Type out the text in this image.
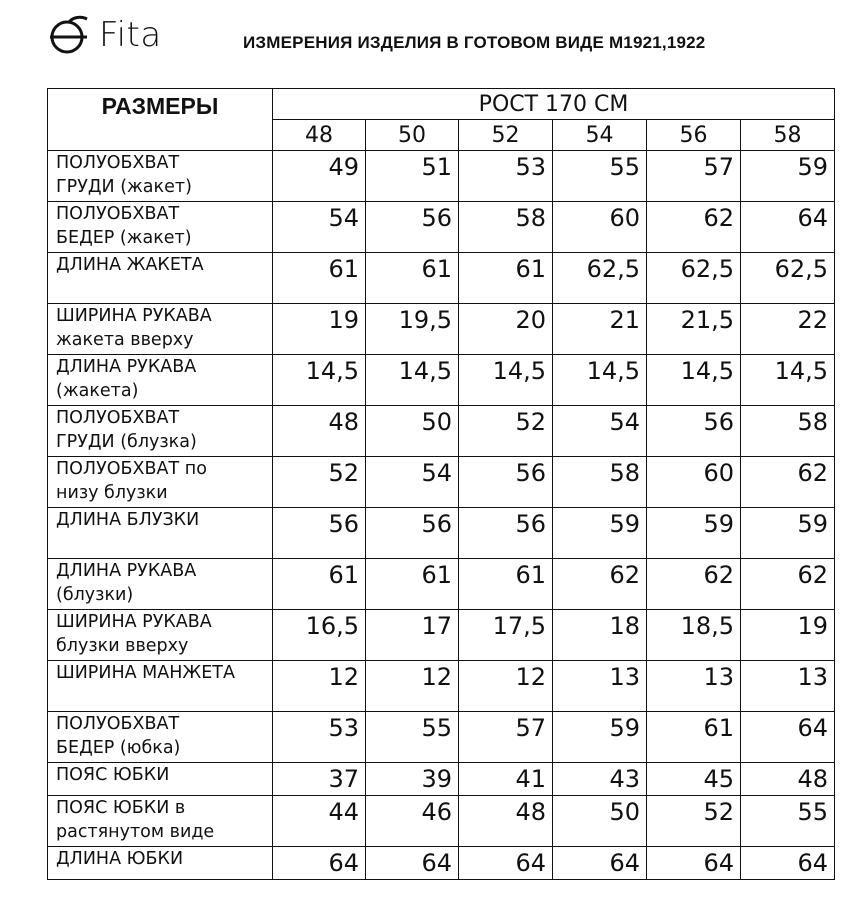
Fita	ИЗМЕРЕНИЯ ИЗДЕЛИЯ В ГОТОВОМ ВИДЕ М1921,1922
РАЗМЕРЫ	РОСТ 170 СМ					
	48	50	52	54	56	58

ПОЛУОБХВАТ
ГРУДИ (жакет)	49	51	53	55	57	59

ПОЛУОБХВАТ
БЕДЕР (жакет)	54	56	58	60	62	64

ДЛИНА ЖАКЕТА	61	61	61	62,5	62,5	62,5

ШИРИНА РУКАВА
жакета вверху	19	19,5	20	21	21,5	22

ДЛИНА РУКАВА
(жакета)	14,5	14,5	14,5	14,5	14,5	14,5

ПОЛУОБХВАТ
ГРУДИ (блузка)	48	50	52	54	56	58

ПОЛУОБХВАТ по
низу блузки	52	54	56	58	60	62

ДЛИНА БЛУЗКИ	56	56	56	59	59	59

ДЛИНА РУКАВА
(блузки)	61	61	61	62	62	62

ШИРИНА РУКАВА
блузки вверху	16,5	17	17,5	18	18,5	19

ШИРИНА МАНЖЕТА	12	12	12	13	13	13

ПОЛУОБХВАТ
БЕДЕР (юбка)	53	55	57	59	61	64

ПОЯС ЮБКИ	37	39	41	43	45	48

ПОЯС ЮБКИ в
растянутом виде	44	46	48	50	52	55

ДЛИНА ЮБКИ	64	64	64	64	64	64
